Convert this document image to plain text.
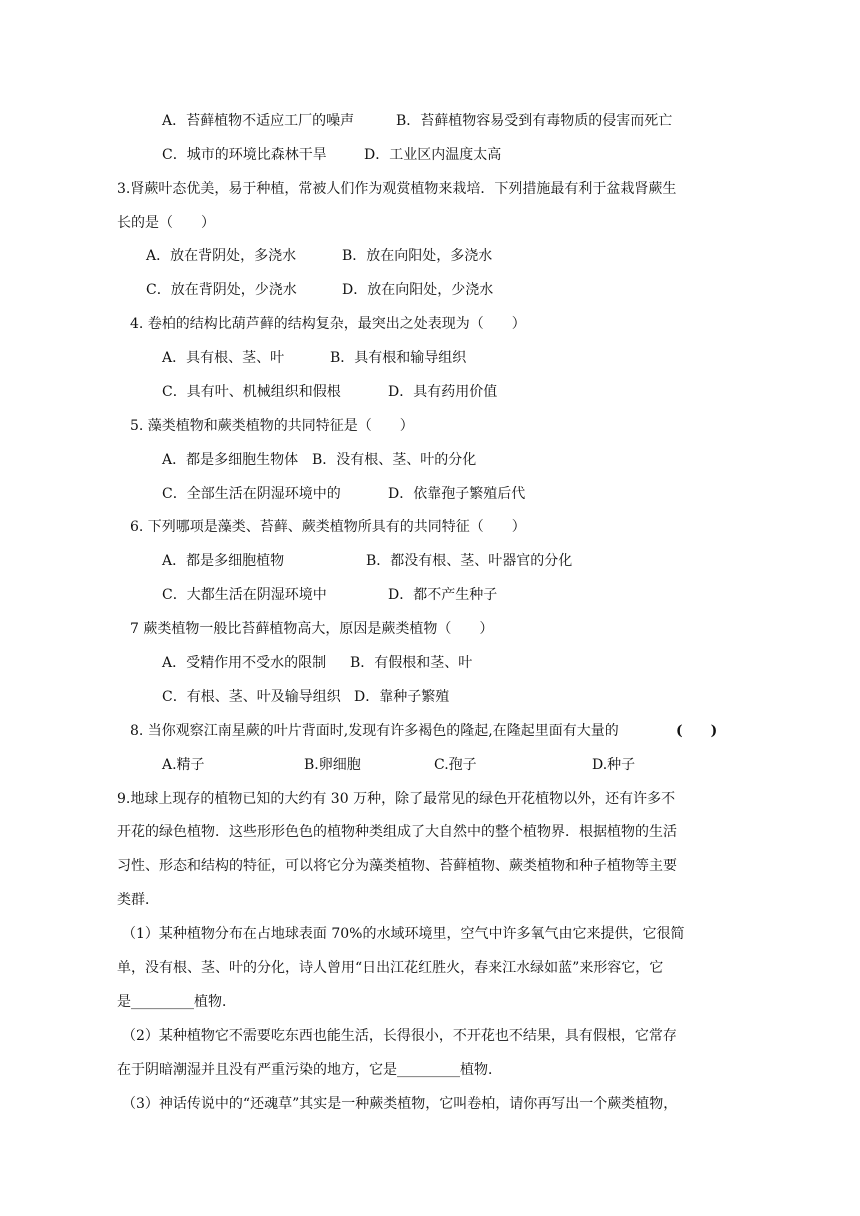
A．苔藓植物不适应工厂的噪声	B．苔藓植物容易受到有毒物质的侵害而死亡
C．城市的环境比森林干旱	D．工业区内温度太高
3.肾蕨叶态优美，易于种植，常被人们作为观赏植物来栽培．下列措施最有利于盆栽肾蕨生
长的是（　　）
A．放在背阴处，多浇水	B．放在向阳处，多浇水
C．放在背阴处，少浇水	D．放在向阳处，少浇水
4. 卷柏的结构比葫芦藓的结构复杂，最突出之处表现为（　　）
A．具有根、茎、叶	B．具有根和输导组织
C．具有叶、机械组织和假根	D．具有药用价值
5. 藻类植物和蕨类植物的共同特征是（　　）
A．都是多细胞生物体 B．没有根、茎、叶的分化
C．全部生活在阴湿环境中的	D．依靠孢子繁殖后代
6. 下列哪项是藻类、苔藓、蕨类植物所具有的共同特征（　　）
A．都是多细胞植物	B．都没有根、茎、叶器官的分化
C．大都生活在阴湿环境中	D．都不产生种子
7 蕨类植物一般比苔藓植物高大，原因是蕨类植物（　　）
A．受精作用不受水的限制 B．有假根和茎、叶
C．有根、茎、叶及输导组织 D．靠种子繁殖
8. 当你观察江南星蕨的叶片背面时,发现有许多褐色的隆起,在隆起里面有大量的	(　　)
A.精子	B.卵细胞	C.孢子	D.种子
9.地球上现存的植物已知的大约有 30 万种，除了最常见的绿色开花植物以外，还有许多不
开花的绿色植物．这些形形色色的植物种类组成了大自然中的整个植物界．根据植物的生活
习性、形态和结构的特征，可以将它分为藻类植物、苔藓植物、蕨类植物和种子植物等主要
类群．
（1）某种植物分布在占地球表面 70%的水域环境里，空气中许多氧气由它来提供，它很简
单，没有根、茎、叶的分化，诗人曾用“日出江花红胜火，春来江水绿如蓝”来形容它，它
是_________植物．
（2）某种植物它不需要吃东西也能生活，长得很小，不开花也不结果，具有假根，它常存
在于阴暗潮湿并且没有严重污染的地方，它是_________植物．
（3）神话传说中的“还魂草”其实是一种蕨类植物，它叫卷柏，请你再写出一个蕨类植物，
